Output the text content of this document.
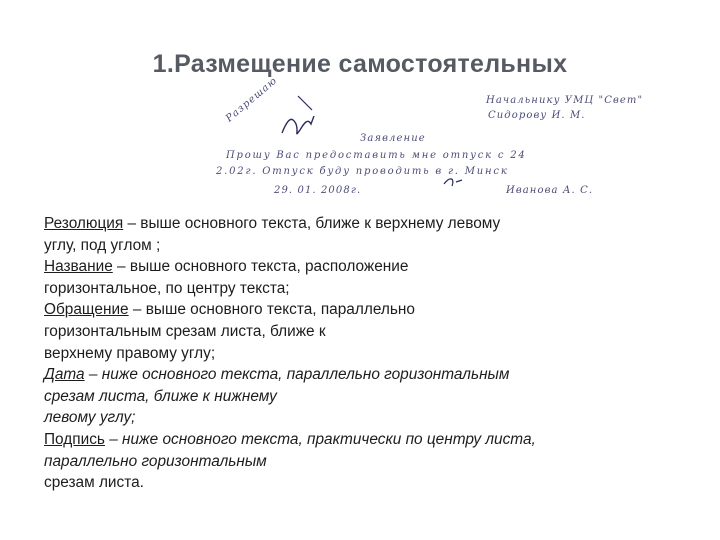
1.Размещение самостоятельных
Разрешаю	Начальнику УМЦ "Свет"
Сидорову И. М.
Заявление
Прошу Вас предоставить мне отпуск с 24
2.02г. Отпуск буду проводить в г. Минск
29. 01. 2008г.	Иванова А. С.
Резолюция – выше основного текста, ближе к верхнему левому
углу, под углом ;
Название – выше основного текста, расположение
горизонтальное, по центру текста;
Обращение – выше основного текста, параллельно
горизонтальным срезам листа, ближе к
верхнему правому углу;
Дата – ниже основного текста, параллельно горизонтальным
срезам листа, ближе к нижнему
левому углу;
Подпись – ниже основного текста, практически по центру листа,
параллельно горизонтальным
срезам листа.
